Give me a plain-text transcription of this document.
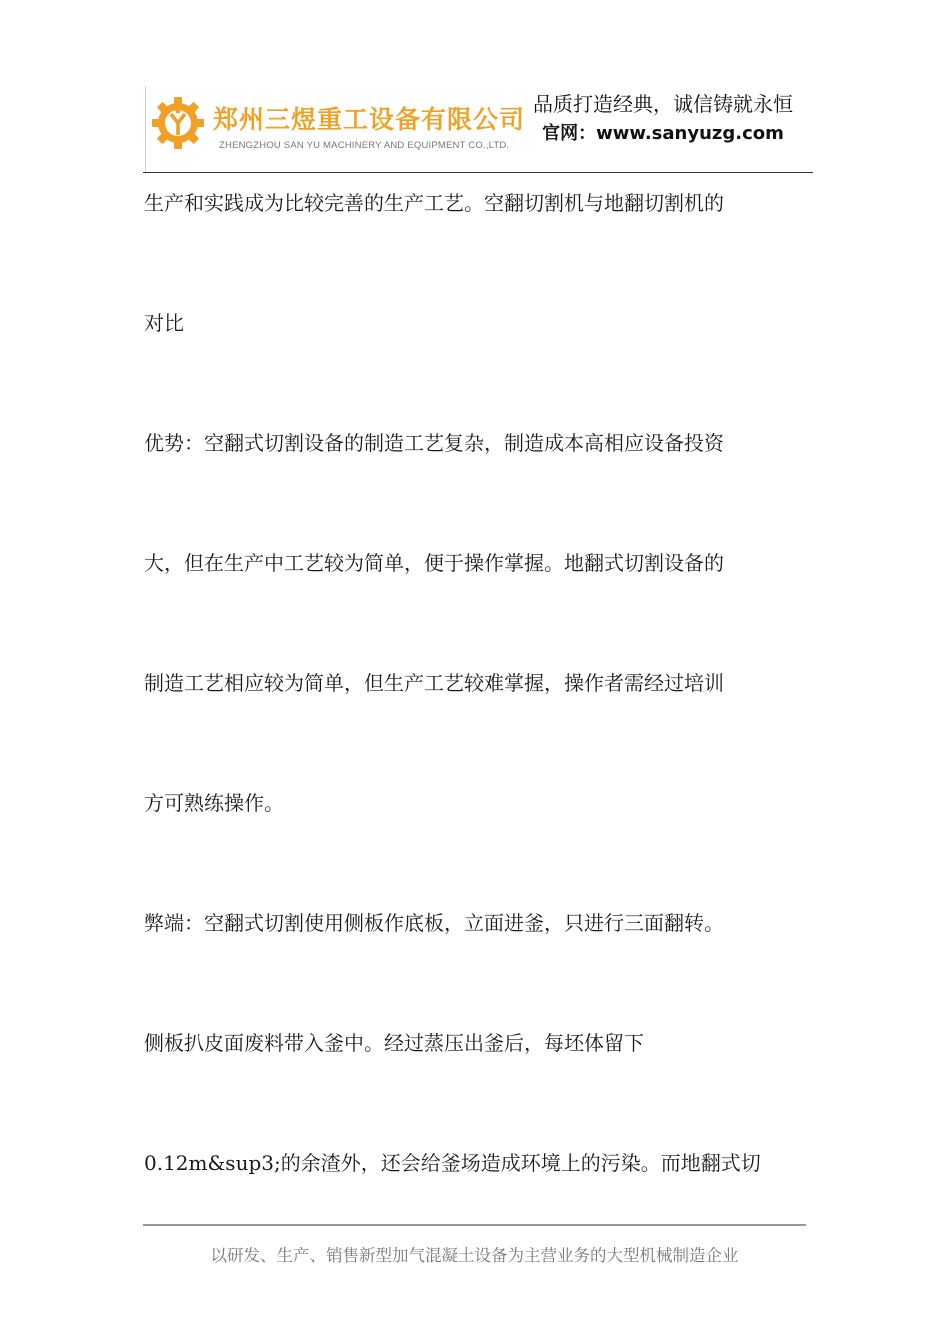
郑州三煜重工设备有限公司
ZHENGZHOU SAN YU MACHINERY AND EQUIPMENT CO.,LTD.
品质打造经典，诚信铸就永恒
官网：www.sanyuzg.com

生产和实践成为比较完善的生产工艺。空翻切割机与地翻切割机的

对比

优势：空翻式切割设备的制造工艺复杂，制造成本高相应设备投资

大，但在生产中工艺较为简单，便于操作掌握。地翻式切割设备的

制造工艺相应较为简单，但生产工艺较难掌握，操作者需经过培训

方可熟练操作。

弊端：空翻式切割使用侧板作底板，立面进釜，只进行三面翻转。

侧板扒皮面废料带入釜中。经过蒸压出釜后，每坯体留下

0.12m&sup3;的余渣外，还会给釜场造成环境上的污染。而地翻式切

以研发、生产、销售新型加气混凝土设备为主营业务的大型机械制造企业
